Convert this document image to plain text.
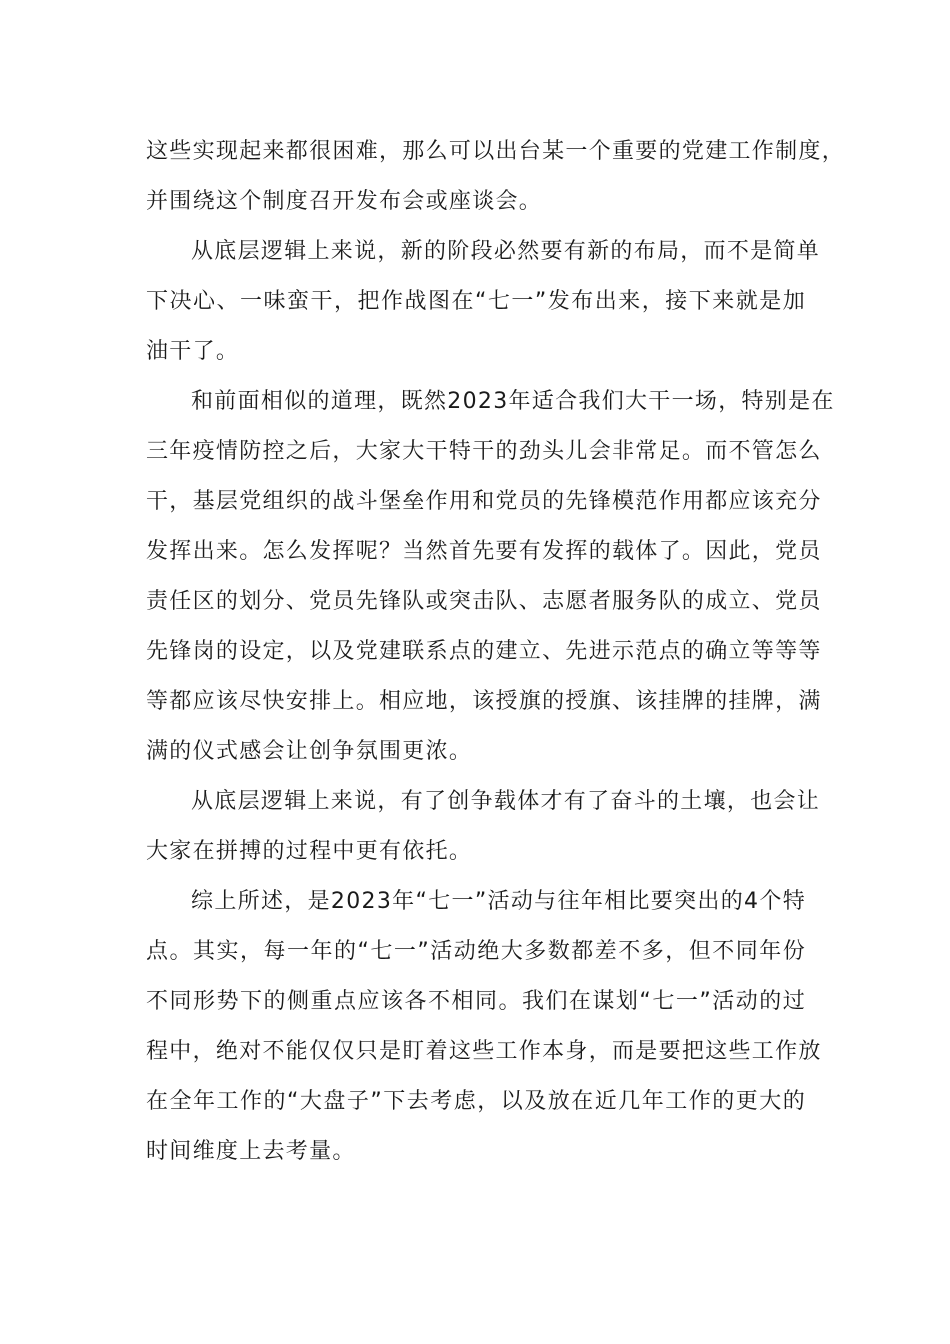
这些实现起来都很困难，那么可以出台某一个重要的党建工作制度，
并围绕这个制度召开发布会或座谈会。
从底层逻辑上来说，新的阶段必然要有新的布局，而不是简单
下决心、一味蛮干，把作战图在“七一”发布出来，接下来就是加
油干了。
和前面相似的道理，既然2023年适合我们大干一场，特别是在
三年疫情防控之后，大家大干特干的劲头儿会非常足。而不管怎么
干，基层党组织的战斗堡垒作用和党员的先锋模范作用都应该充分
发挥出来。怎么发挥呢？当然首先要有发挥的载体了。因此，党员
责任区的划分、党员先锋队或突击队、志愿者服务队的成立、党员
先锋岗的设定，以及党建联系点的建立、先进示范点的确立等等等
等都应该尽快安排上。相应地，该授旗的授旗、该挂牌的挂牌，满
满的仪式感会让创争氛围更浓。
从底层逻辑上来说，有了创争载体才有了奋斗的土壤，也会让
大家在拼搏的过程中更有依托。
综上所述，是2023年“七一”活动与往年相比要突出的4个特
点。其实，每一年的“七一”活动绝大多数都差不多，但不同年份
不同形势下的侧重点应该各不相同。我们在谋划“七一”活动的过
程中，绝对不能仅仅只是盯着这些工作本身，而是要把这些工作放
在全年工作的“大盘子”下去考虑，以及放在近几年工作的更大的
时间维度上去考量。
